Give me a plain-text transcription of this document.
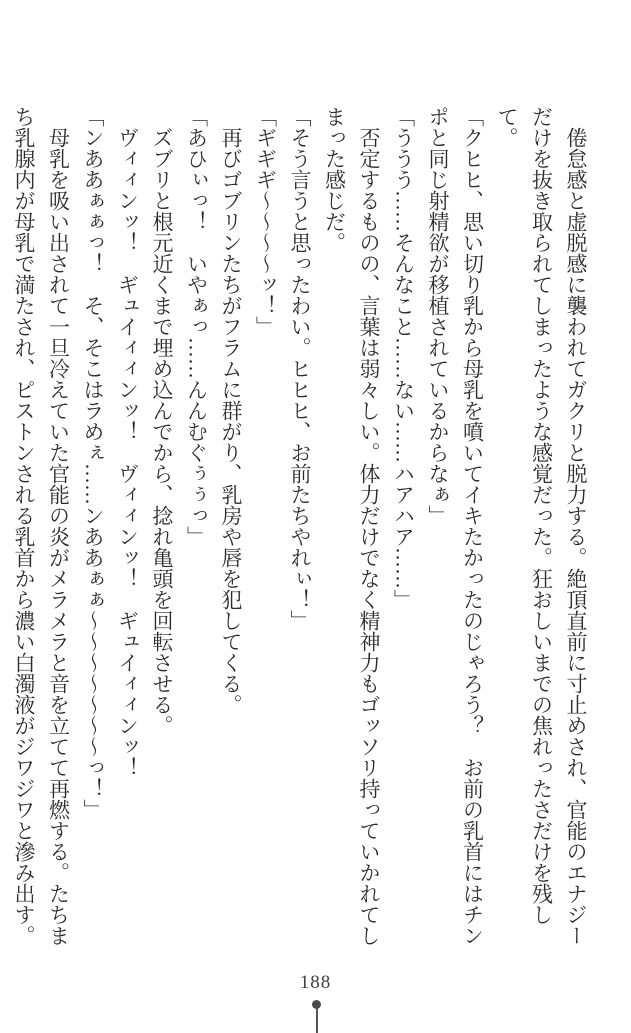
倦怠感と虚脱感に襲われてガクリと脱力する。絶頂直前に寸止めされ、官能のエナジーだけを抜き取られてしまったような感覚だった。狂おしいまでの焦れったさだけを残して。

「クヒヒ、思い切り乳から母乳を噴いてイキたかったのじゃろう？　お前の乳首にはチンポと同じ射精欲が移植されているからなぁ」

「ううう……そんなこと……ない……ハアハア……」

否定するものの、言葉は弱々しい。体力だけでなく精神力もゴッソリ持っていかれてしまった感じだ。

「そう言うと思ったわい。ヒヒヒ、お前たちやれぃ！」

「ギギギ〜〜〜〜ッ！」

再びゴブリンたちがフラムに群がり、乳房や唇を犯してくる。

「あひぃっ！　いやぁっ……んんむぐぅぅっ」

ズブリと根元近くまで埋め込んでから、捻れ亀頭を回転させる。

ヴィィンッ！　ギュイィィンッ！　ヴィィンッ！　ギュイィィンッ！

「ンああぁぁっ！　そ、そこはラめぇ……ンああぁぁ〜〜〜〜〜〜〜っ！」

母乳を吸い出されて一旦冷えていた官能の炎がメラメラと音を立てて再燃する。たちまち乳腺内が母乳で満たされ、ピストンされる乳首から濃い白濁液がジワジワと滲み出す。

188
